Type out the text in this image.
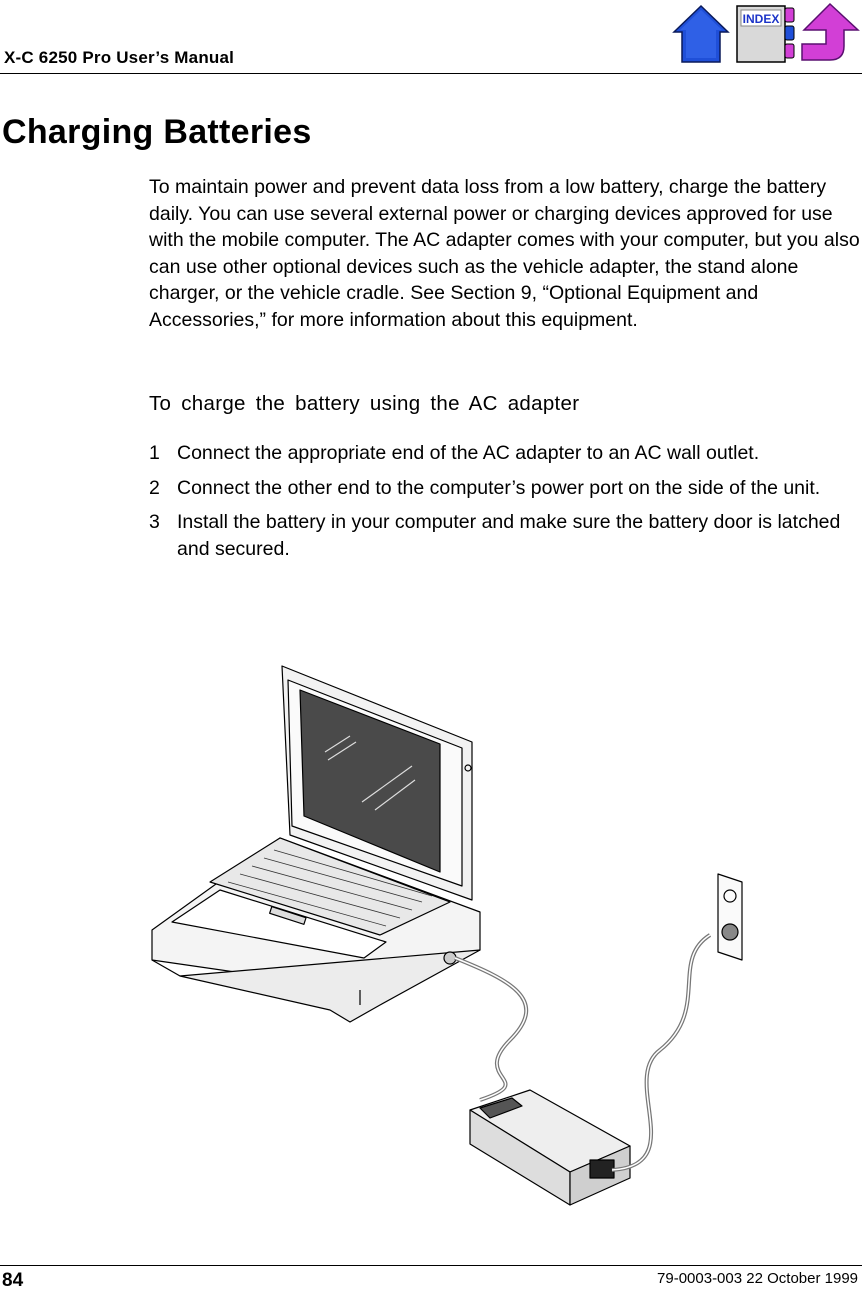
X-C 6250 Pro User’s Manual
INDEX
Charging Batteries

To maintain power and prevent data loss from a low battery, charge the battery daily. You can use several external power or charging devices approved for use with the mobile computer. The AC adapter comes with your computer, but you also can use other optional devices such as the vehicle adapter, the stand alone charger, or the vehicle cradle. See Section 9, “Optional Equipment and Accessories,” for more information about this equipment.

To charge the battery using the AC adapter

1 Connect the appropriate end of the AC adapter to an AC wall outlet.
2 Connect the other end to the computer’s power port on the side of the unit.
3 Install the battery in your computer and make sure the battery door is latched and secured.
84	79-0003-003 22 October 1999
